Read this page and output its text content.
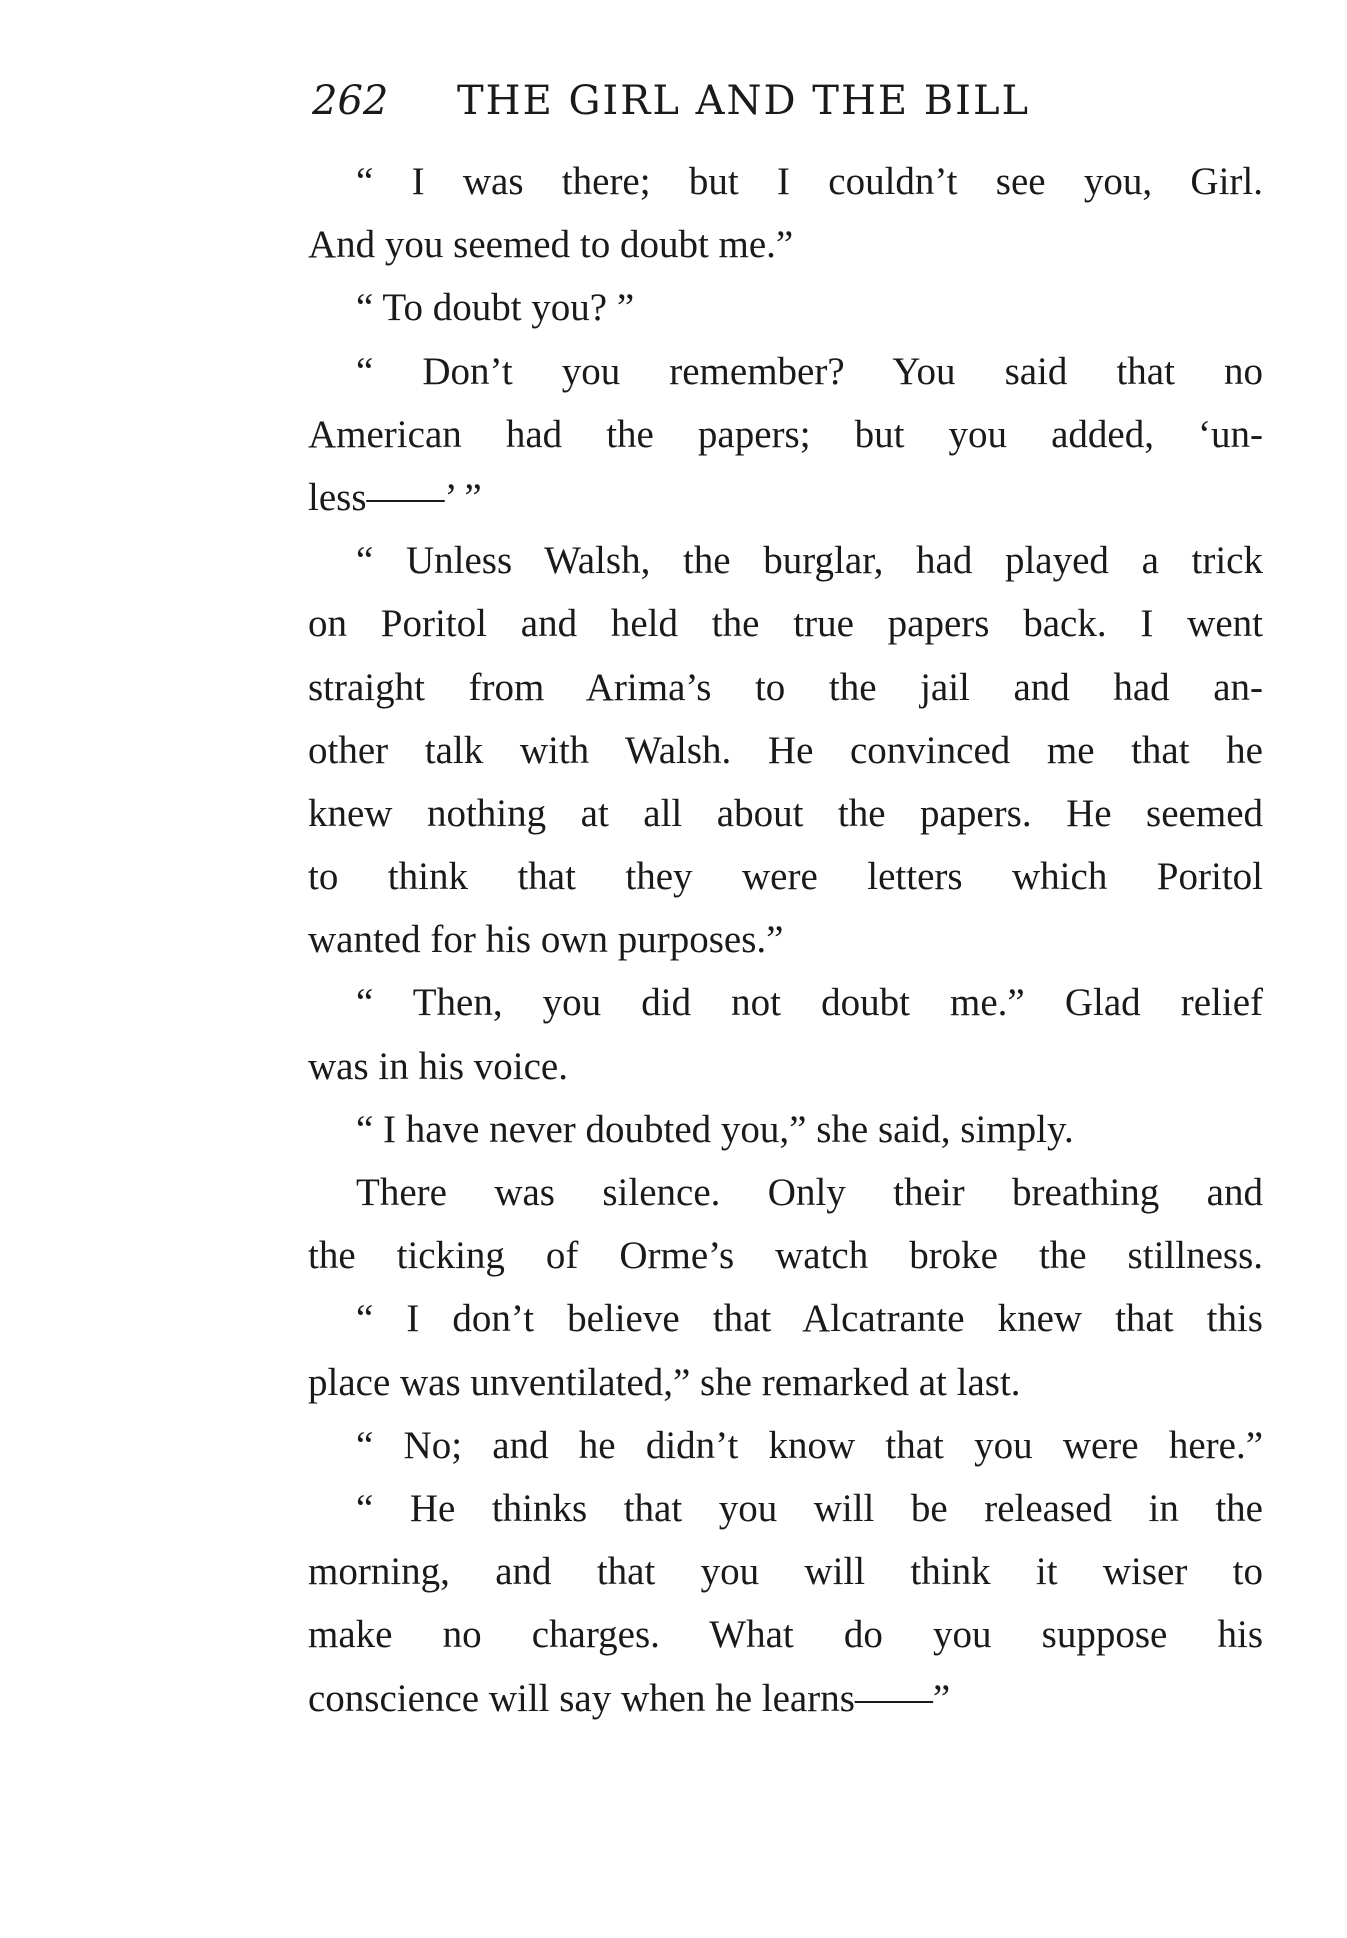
262 THE GIRL AND THE BILL
“ I was there; but I couldn’t see you, Girl.
And you seemed to doubt me.”
“ To doubt you? ”
“ Don’t you remember? You said that no
American had the papers; but you added, ‘un-
less——’ ”
“ Unless Walsh, the burglar, had played a trick
on Poritol and held the true papers back. I went
straight from Arima’s to the jail and had an-
other talk with Walsh. He convinced me that he
knew nothing at all about the papers. He seemed
to think that they were letters which Poritol
wanted for his own purposes.”
“ Then, you did not doubt me.” Glad relief
was in his voice.
“ I have never doubted you,” she said, simply.
There was silence. Only their breathing and
the ticking of Orme’s watch broke the stillness.
“ I don’t believe that Alcatrante knew that this
place was unventilated,” she remarked at last.
“ No; and he didn’t know that you were here.”
“ He thinks that you will be released in the
morning, and that you will think it wiser to
make no charges. What do you suppose his
conscience will say when he learns——”
